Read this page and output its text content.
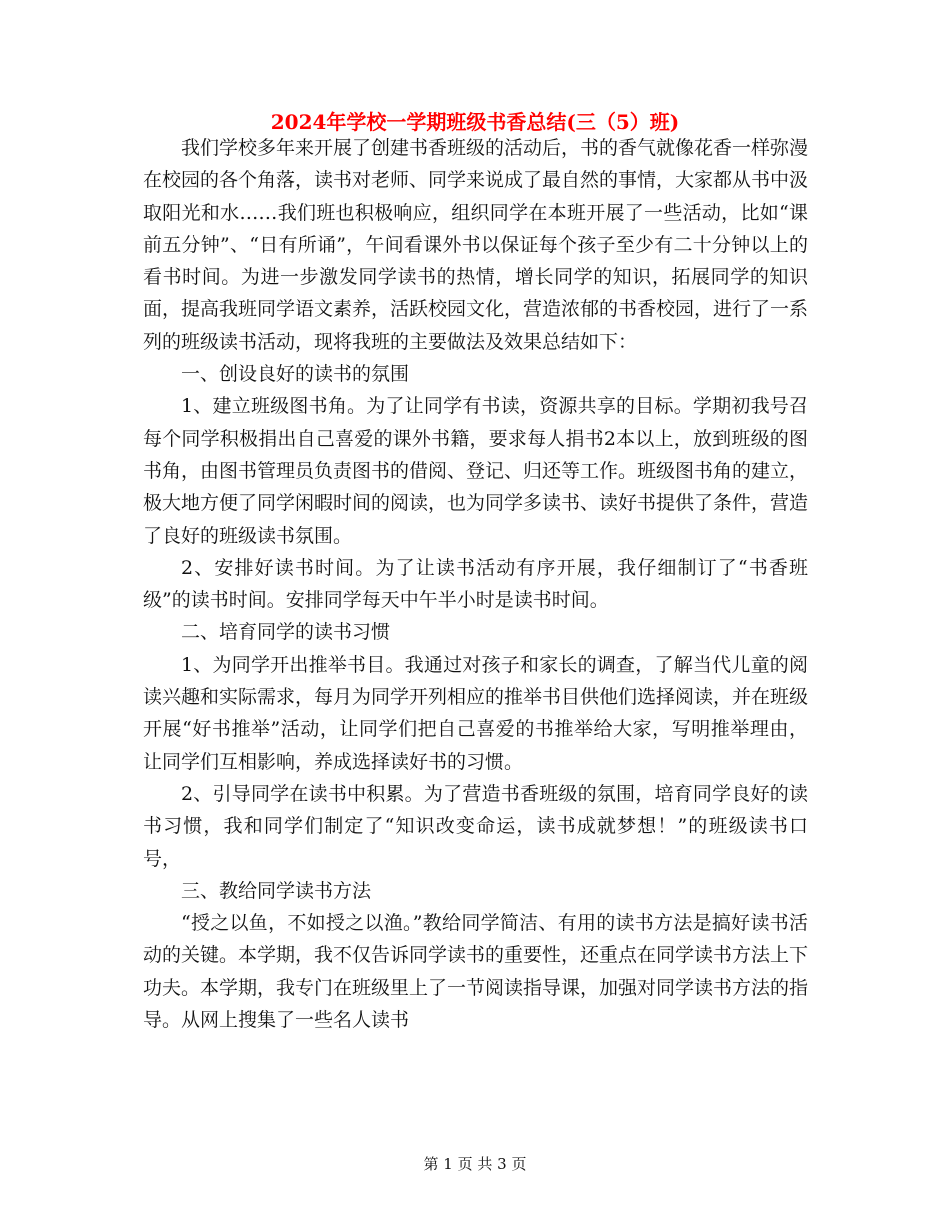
2024年学校一学期班级书香总结(三（5）班)

我们学校多年来开展了创建书香班级的活动后，书的香气就像花香一样弥漫在校园的各个角落，读书对老师、同学来说成了最自然的事情，大家都从书中汲取阳光和水……我们班也积极响应，组织同学在本班开展了一些活动，比如“课前五分钟”、“日有所诵”，午间看课外书以保证每个孩子至少有二十分钟以上的看书时间。为进一步激发同学读书的热情，增长同学的知识，拓展同学的知识面，提高我班同学语文素养，活跃校园文化，营造浓郁的书香校园，进行了一系列的班级读书活动，现将我班的主要做法及效果总结如下：

一、创设良好的读书的氛围

1、建立班级图书角。为了让同学有书读，资源共享的目标。学期初我号召每个同学积极捐出自己喜爱的课外书籍，要求每人捐书2本以上，放到班级的图书角，由图书管理员负责图书的借阅、登记、归还等工作。班级图书角的建立，极大地方便了同学闲暇时间的阅读，也为同学多读书、读好书提供了条件，营造了良好的班级读书氛围。

2、安排好读书时间。为了让读书活动有序开展，我仔细制订了“书香班级”的读书时间。安排同学每天中午半小时是读书时间。

二、培育同学的读书习惯

1、为同学开出推举书目。我通过对孩子和家长的调查，了解当代儿童的阅读兴趣和实际需求，每月为同学开列相应的推举书目供他们选择阅读，并在班级开展“好书推举”活动，让同学们把自己喜爱的书推举给大家，写明推举理由，让同学们互相影响，养成选择读好书的习惯。

2、引导同学在读书中积累。为了营造书香班级的氛围，培育同学良好的读书习惯，我和同学们制定了“知识改变命运，读书成就梦想！”的班级读书口号，

三、教给同学读书方法

“授之以鱼，不如授之以渔。”教给同学简洁、有用的读书方法是搞好读书活动的关键。本学期，我不仅告诉同学读书的重要性，还重点在同学读书方法上下功夫。本学期，我专门在班级里上了一节阅读指导课，加强对同学读书方法的指导。从网上搜集了一些名人读书

第 1 页 共 3 页
